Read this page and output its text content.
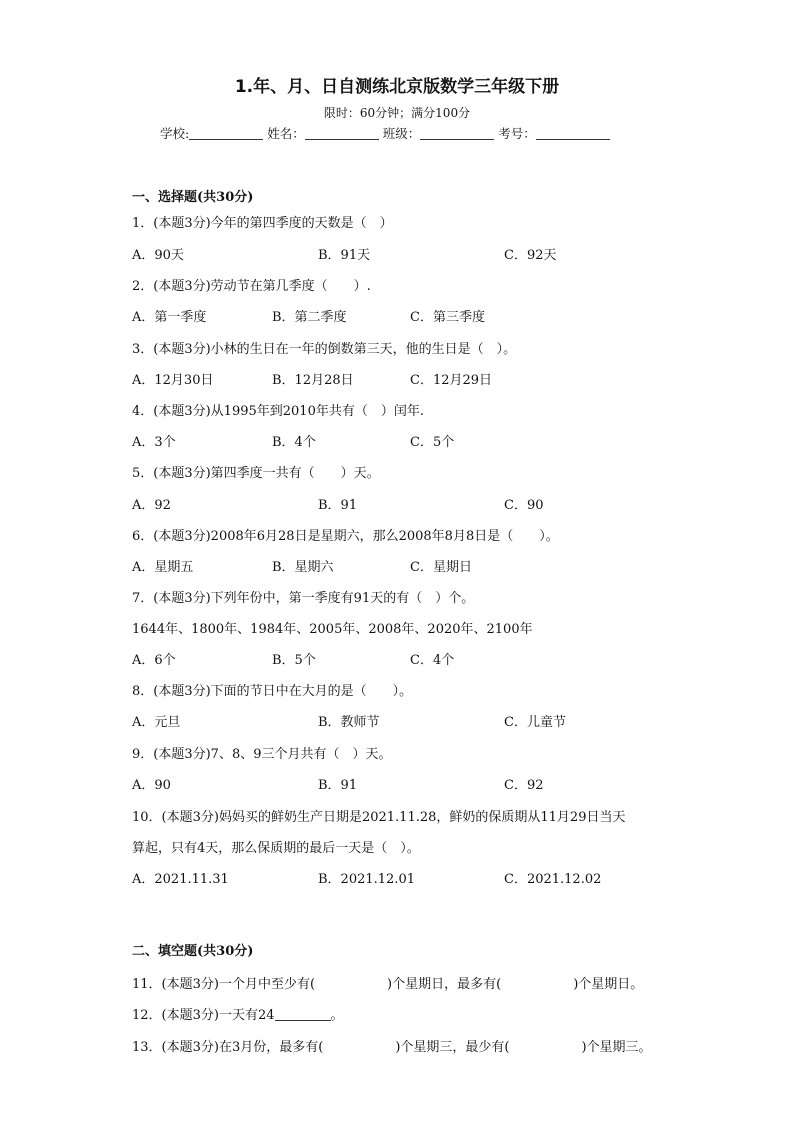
1.年、月、日自测练北京版数学三年级下册
限时：60分钟；满分100分
学校:	姓名：	班级：	考号：
一、选择题(共30分)
1．(本题3分)今年的第四季度的天数是（　）
A．90天	B．91天	C．92天
2．(本题3分)劳动节在第几季度（　　）.
A．第一季度	B．第二季度	C．第三季度
3．(本题3分)小林的生日在一年的倒数第三天，他的生日是（　）。
A．12月30日	B．12月28日	C．12月29日
4．(本题3分)从1995年到2010年共有（　）闰年.
A．3个	B．4个	C．5个
5．(本题3分)第四季度一共有（　　）天。
A．92	B．91	C．90
6．(本题3分)2008年6月28日是星期六，那么2008年8月8日是（　　）。
A．星期五	B．星期六	C．星期日
7．(本题3分)下列年份中，第一季度有91天的有（　）个。
1644年、1800年、1984年、2005年、2008年、2020年、2100年
A．6个	B．5个	C．4个
8．(本题3分)下面的节日中在大月的是（　　）。
A．元旦	B．教师节	C．儿童节
9．(本题3分)7、8、9三个月共有（　）天。
A．90	B．91	C．92
10．(本题3分)妈妈买的鲜奶生产日期是2021.11.28，鲜奶的保质期从11月29日当天
算起，只有4天，那么保质期的最后一天是（　）。
A．2021.11.31	B．2021.12.01	C．2021.12.02
二、填空题(共30分)
11．(本题3分)一个月中至少有(	)个星期日，最多有(	)个星期日。
12．(本题3分)一天有24	。
13．(本题3分)在3月份，最多有(	)个星期三，最少有(	)个星期三。
